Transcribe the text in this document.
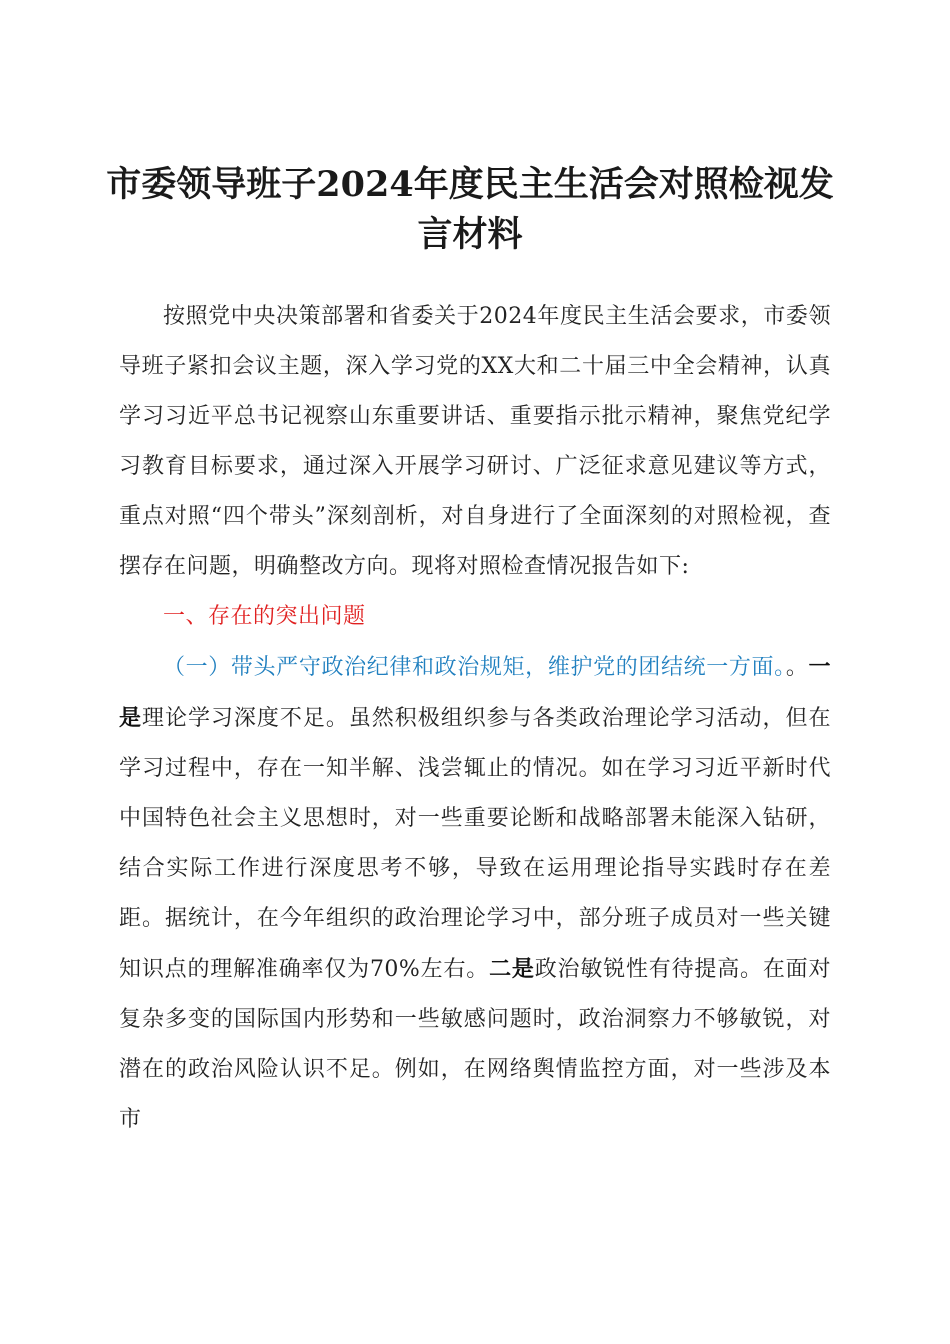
市委领导班子2024年度民主生活会对照检视发言材料

按照党中央决策部署和省委关于2024年度民主生活会要求，市委领导班子紧扣会议主题，深入学习党的XX大和二十届三中全会精神，认真学习习近平总书记视察山东重要讲话、重要指示批示精神，聚焦党纪学习教育目标要求，通过深入开展学习研讨、广泛征求意见建议等方式，重点对照“四个带头”深刻剖析，对自身进行了全面深刻的对照检视，查摆存在问题，明确整改方向。现将对照检查情况报告如下:

一、存在的突出问题

（一）带头严守政治纪律和政治规矩，维护党的团结统一方面。。一是理论学习深度不足。虽然积极组织参与各类政治理论学习活动，但在学习过程中，存在一知半解、浅尝辄止的情况。如在学习习近平新时代中国特色社会主义思想时，对一些重要论断和战略部署未能深入钻研，结合实际工作进行深度思考不够，导致在运用理论指导实践时存在差距。据统计，在今年组织的政治理论学习中，部分班子成员对一些关键知识点的理解准确率仅为70%左右。二是政治敏锐性有待提高。在面对复杂多变的国际国内形势和一些敏感问题时，政治洞察力不够敏锐，对潜在的政治风险认识不足。例如，在网络舆情监控方面，对一些涉及本市
